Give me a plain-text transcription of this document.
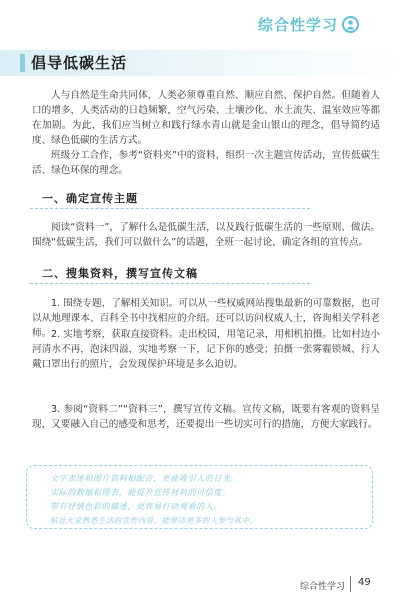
综合性学习
倡导低碳生活

人与自然是生命共同体，人类必须尊重自然、顺应自然、保护自然。但随着人口的增多，人类活动的日趋频繁，空气污染、土壤沙化、水土流失、温室效应等都在加剧。为此，我们应当树立和践行绿水青山就是金山银山的理念，倡导简约适度、绿色低碳的生活方式。

班级分工合作，参考“资料夹”中的资料，组织一次主题宣传活动，宣传低碳生活、绿色环保的理念。

一、确定宣传主题

阅读“资料一”，了解什么是低碳生活，以及践行低碳生活的一些原则、做法。围绕“低碳生活，我们可以做什么”的话题，全班一起讨论，确定各组的宣传点。

二、搜集资料，撰写宣传文稿

1. 围绕专题，了解相关知识。可以从一些权威网站搜集最新的可靠数据，也可以从地理课本、百科全书中找相应的介绍。还可以访问权威人士，咨询相关学科老师。 2. 实地考察，获取直接资料。走出校园，用笔记录，用相机拍摄。比如村边小河清水不再，泡沫四溢，实地考察一下，记下你的感受；拍摄一张雾霾锁城、行人戴口罩出行的照片，会发现保护环境是多么迫切。

3. 参阅“资料二”“资料三”，撰写宣传文稿。宣传文稿，既要有客观的资料呈现，又要融入自己的感受和思考，还要提出一些切实可行的措施，方便大家践行。

文字表述和图片资料相配合，更能吸引人的目光。
实际的数据和图表，能提升宣传材料的可信度。
带有抒情色彩的描述，更容易打动观看的人。
贴近大家熟悉生活的宣传内容，能带动更多的人参与其中。
综合性学习 49
